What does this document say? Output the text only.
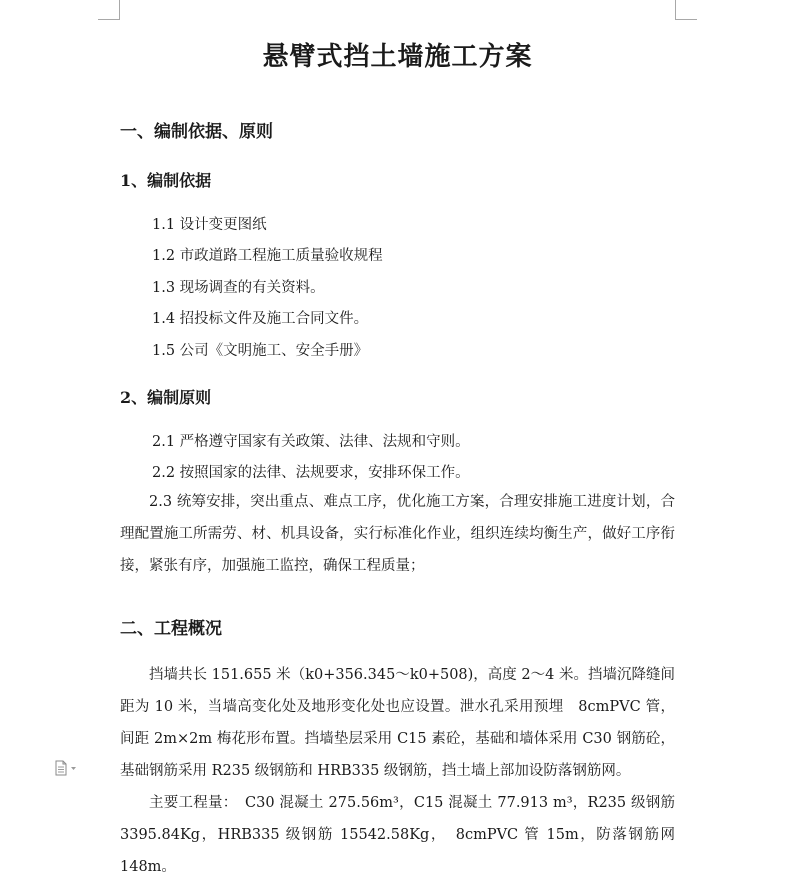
悬臂式挡土墙施工方案
一、编制依据、原则
1、编制依据
1.1 设计变更图纸
1.2 市政道路工程施工质量验收规程
1.3 现场调查的有关资料。
1.4 招投标文件及施工合同文件。
1.5 公司《文明施工、安全手册》
2、编制原则
2.1 严格遵守国家有关政策、法律、法规和守则。
2.2 按照国家的法律、法规要求，安排环保工作。
2.3 统筹安排，突出重点、难点工序，优化施工方案，合理安排施工进度计划，合理配置施工所需劳、材、机具设备，实行标准化作业，组织连续均衡生产，做好工序衔接，紧张有序，加强施工监控，确保工程质量；
二、工程概况
挡墙共长 151.655 米（k0+356.345～k0+508)，高度 2～4 米。挡墙沉降缝间距为 10 米，当墙高变化处及地形变化处也应设置。泄水孔采用预埋　8cmPVC 管，间距 2m×2m 梅花形布置。挡墙垫层采用 C15 素砼，基础和墙体采用 C30 钢筋砼，基础钢筋采用 R235 级钢筋和 HRB335 级钢筋，挡土墙上部加设防落钢筋网。
主要工程量：　C30 混凝土 275.56m³，C15 混凝土 77.913 m³，R235 级钢筋 3395.84Kg，HRB335 级钢筋 15542.58Kg，　8cmPVC 管 15m，防落钢筋网 148m。
